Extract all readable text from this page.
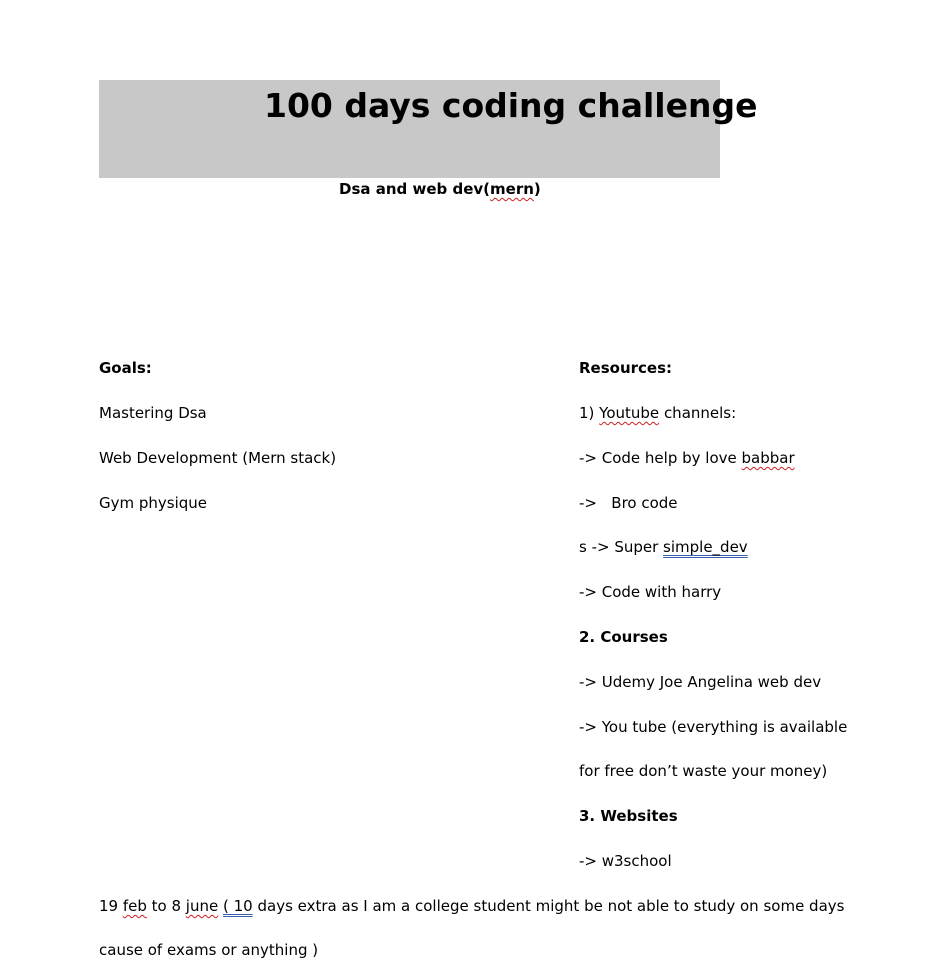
100 days coding challenge

Dsa and web dev(mern)

Goals:

Mastering Dsa

Web Development (Mern stack)

Gym physique

Resources:

1) Youtube channels:

-> Code help by love babbar

->   Bro code

s -> Super simple_dev

-> Code with harry

2. Courses

-> Udemy Joe Angelina web dev

-> You tube (everything is available

for free don’t waste your money)

3. Websites

-> w3school

19 feb to 8 june ( 10 days extra as I am a college student might be not able to study on some days

cause of exams or anything )
